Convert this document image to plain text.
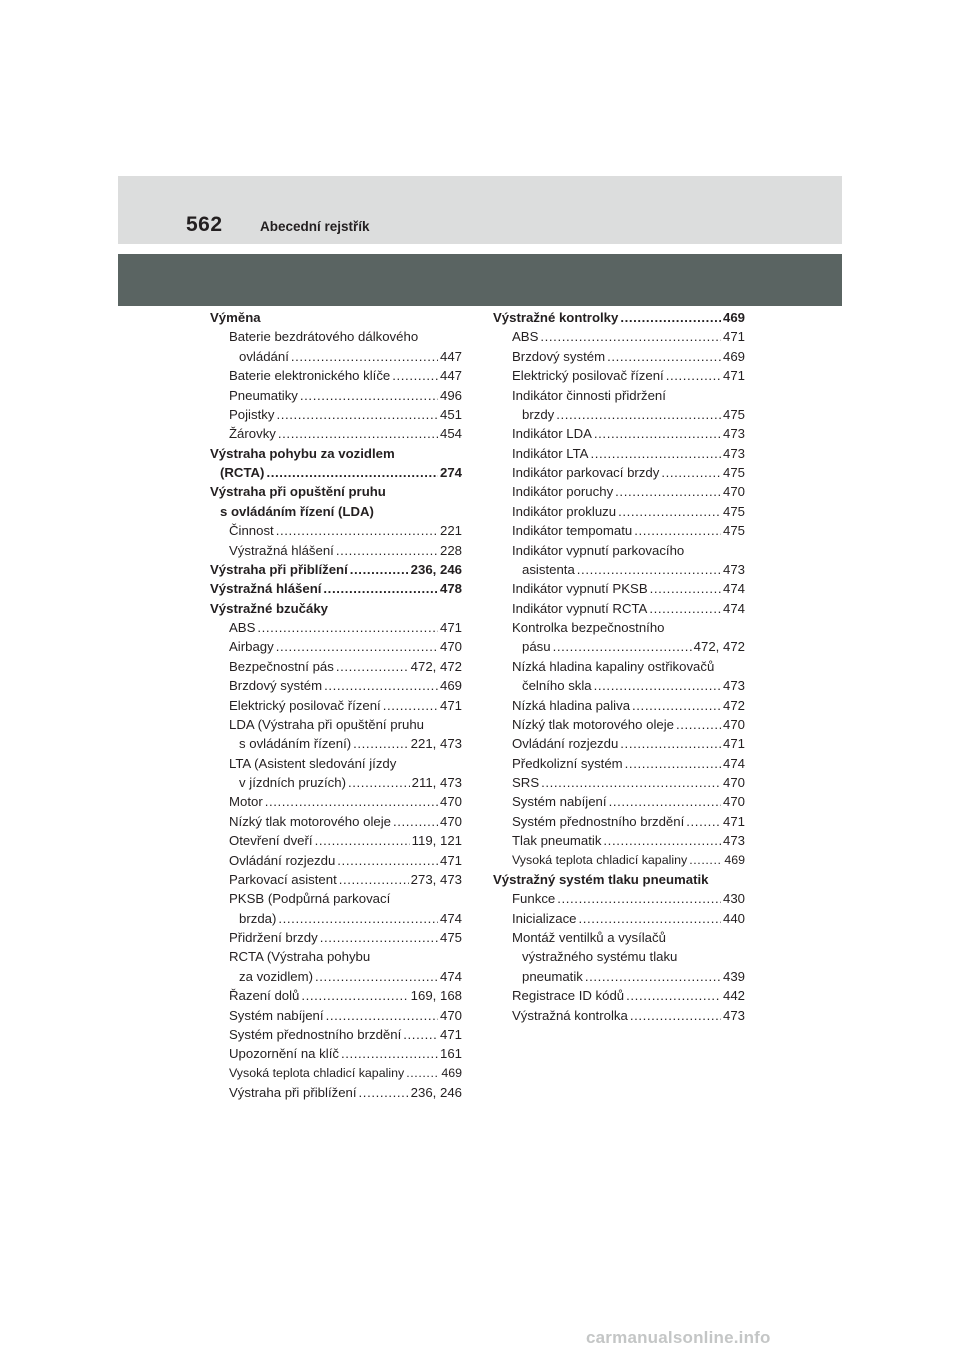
562	Abecední rejstřík
Výměna
Baterie bezdrátového dálkového
ovládání .....	447
Baterie elektronického klíče .....	447
Pneumatiky .....	496
Pojistky .....	451
Žárovky .....	454
Výstraha pohybu za vozidlem
(RCTA) .....	274
Výstraha při opuštění pruhu
s ovládáním řízení (LDA)
Činnost .....	221
Výstražná hlášení .....	228
Výstraha při přiblížení .....	236, 246
Výstražná hlášení .....	478
Výstražné bzučáky
ABS .....	471
Airbagy .....	470
Bezpečnostní pás .....	472, 472
Brzdový systém .....	469
Elektrický posilovač řízení .....	471
LDA (Výstraha při opuštění pruhu
s ovládáním řízení) .....	221, 473
LTA (Asistent sledování jízdy
v jízdních pruzích) .....	211, 473
Motor .....	470
Nízký tlak motorového oleje .....	470
Otevření dveří .....	119, 121
Ovládání rozjezdu .....	471
Parkovací asistent .....	273, 473
PKSB (Podpůrná parkovací
brzda) .....	474
Přidržení brzdy .....	475
RCTA (Výstraha pohybu
za vozidlem) .....	474
Řazení dolů .....	169, 168
Systém nabíjení .....	470
Systém přednostního brzdění .....	471
Upozornění na klíč .....	161
Vysoká teplota chladicí kapaliny .....	469
Výstraha při přiblížení .....	236, 246
Výstražné kontrolky .....	469
ABS .....	471
Brzdový systém .....	469
Elektrický posilovač řízení .....	471
Indikátor činnosti přidržení
brzdy .....	475
Indikátor LDA .....	473
Indikátor LTA .....	473
Indikátor parkovací brzdy .....	475
Indikátor poruchy .....	470
Indikátor prokluzu .....	475
Indikátor tempomatu .....	475
Indikátor vypnutí parkovacího
asistenta .....	473
Indikátor vypnutí PKSB .....	474
Indikátor vypnutí RCTA .....	474
Kontrolka bezpečnostního
pásu .....	472, 472
Nízká hladina kapaliny ostřikovačů
čelního skla .....	473
Nízká hladina paliva .....	472
Nízký tlak motorového oleje .....	470
Ovládání rozjezdu .....	471
Předkolizní systém .....	474
SRS .....	470
Systém nabíjení .....	470
Systém přednostního brzdění .....	471
Tlak pneumatik .....	473
Vysoká teplota chladicí kapaliny .....	469
Výstražný systém tlaku pneumatik
Funkce .....	430
Inicializace .....	440
Montáž ventilků a vysílačů
výstražného systému tlaku
pneumatik .....	439
Registrace ID kódů .....	442
Výstražná kontrolka .....	473
carmanualsonline.info
